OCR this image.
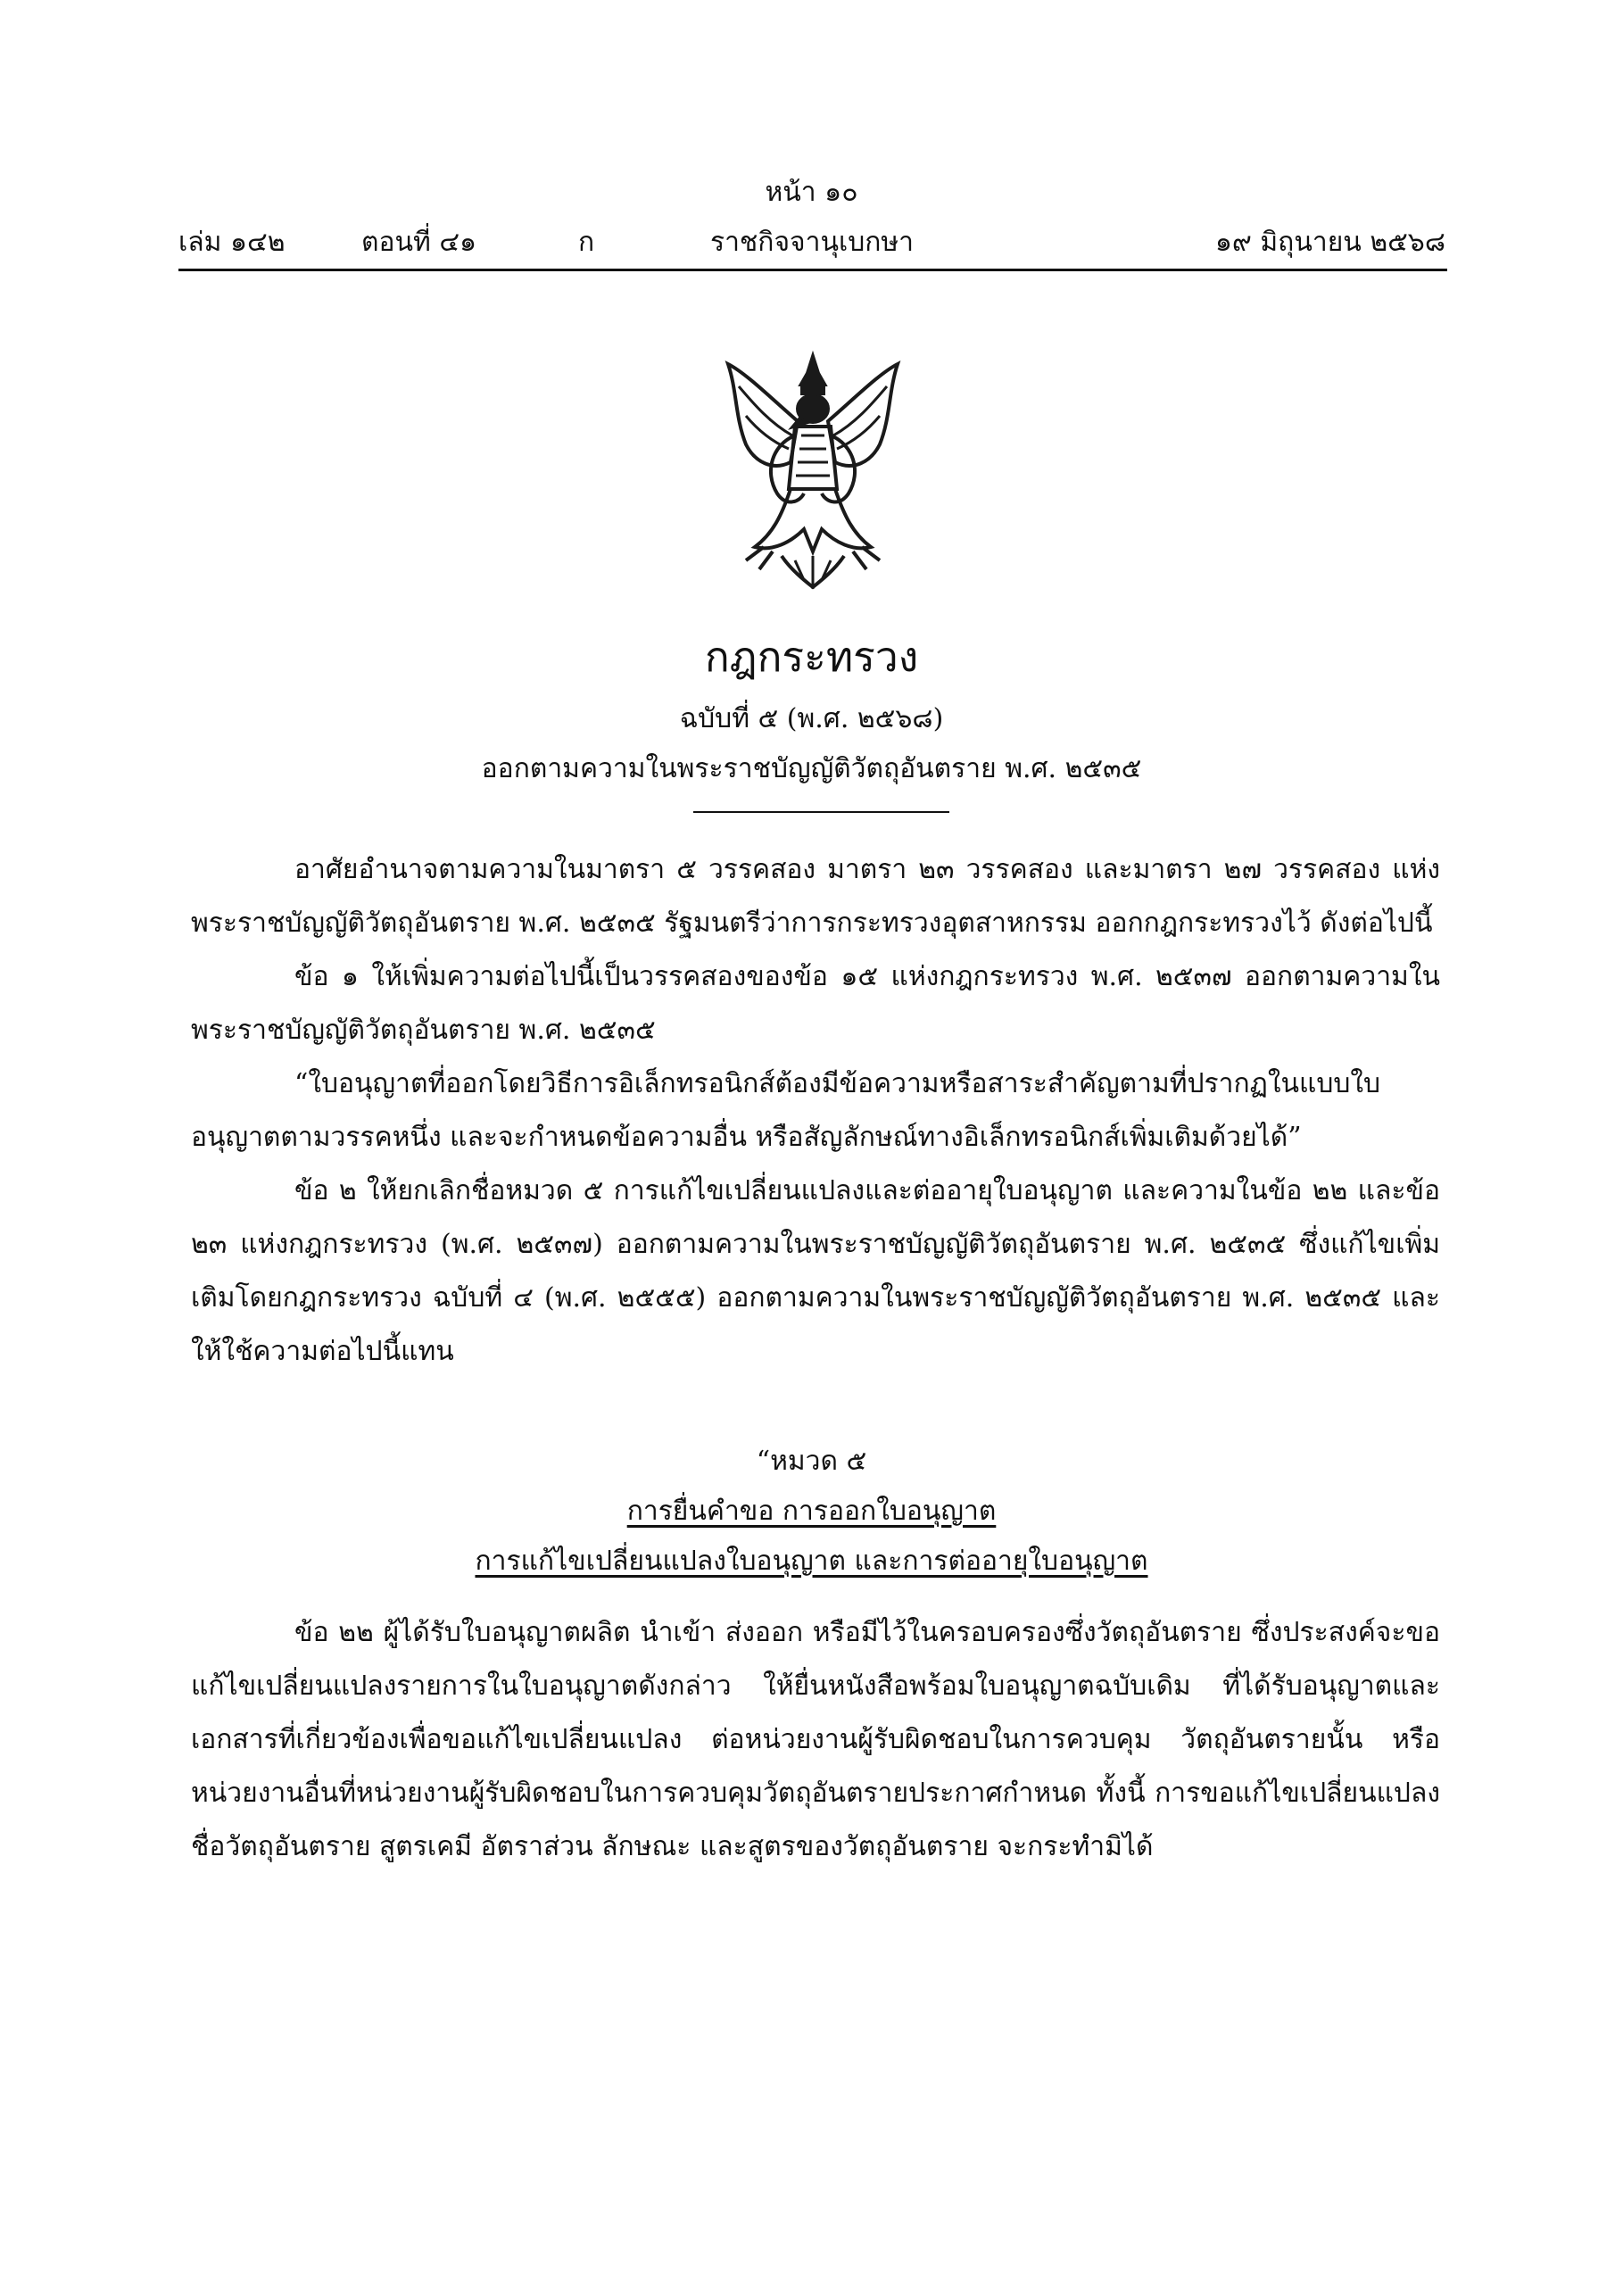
หน้า ๑๐
เล่ม ๑๔๒	ตอนที่ ๔๑	ก	ราชกิจจานุเบกษา	๑๙ มิถุนายน ๒๕๖๘
กฎกระทรวง
ฉบับที่ ๕ (พ.ศ. ๒๕๖๘)
ออกตามความในพระราชบัญญัติวัตถุอันตราย พ.ศ. ๒๕๓๕

อาศัยอำนาจตามความในมาตรา ๕ วรรคสอง มาตรา ๒๓ วรรคสอง และมาตรา ๒๗ วรรคสอง แห่งพระราชบัญญัติวัตถุอันตราย พ.ศ. ๒๕๓๕ รัฐมนตรีว่าการกระทรวงอุตสาหกรรม ออกกฎกระทรวงไว้ ดังต่อไปนี้

ข้อ ๑ ให้เพิ่มความต่อไปนี้เป็นวรรคสองของข้อ ๑๕ แห่งกฎกระทรวง พ.ศ. ๒๕๓๗ ออกตามความในพระราชบัญญัติวัตถุอันตราย พ.ศ. ๒๕๓๕

“ใบอนุญาตที่ออกโดยวิธีการอิเล็กทรอนิกส์ต้องมีข้อความหรือสาระสำคัญตามที่ปรากฏในแบบใบอนุญาตตามวรรคหนึ่ง และจะกำหนดข้อความอื่น หรือสัญลักษณ์ทางอิเล็กทรอนิกส์เพิ่มเติมด้วยได้”

ข้อ ๒ ให้ยกเลิกชื่อหมวด ๕ การแก้ไขเปลี่ยนแปลงและต่ออายุใบอนุญาต และความในข้อ ๒๒ และข้อ ๒๓ แห่งกฎกระทรวง (พ.ศ. ๒๕๓๗) ออกตามความในพระราชบัญญัติวัตถุอันตราย พ.ศ. ๒๕๓๕ ซึ่งแก้ไขเพิ่มเติมโดยกฎกระทรวง ฉบับที่ ๔ (พ.ศ. ๒๕๕๕) ออกตามความในพระราชบัญญัติวัตถุอันตราย พ.ศ. ๒๕๓๕ และให้ใช้ความต่อไปนี้แทน

“หมวด ๕
การยื่นคำขอ การออกใบอนุญาต
การแก้ไขเปลี่ยนแปลงใบอนุญาต และการต่ออายุใบอนุญาต

ข้อ ๒๒ ผู้ได้รับใบอนุญาตผลิต นำเข้า ส่งออก หรือมีไว้ในครอบครองซึ่งวัตถุอันตราย ซึ่งประสงค์จะขอแก้ไขเปลี่ยนแปลงรายการในใบอนุญาตดังกล่าว ให้ยื่นหนังสือพร้อมใบอนุญาตฉบับเดิม ที่ได้รับอนุญาตและเอกสารที่เกี่ยวข้องเพื่อขอแก้ไขเปลี่ยนแปลง ต่อหน่วยงานผู้รับผิดชอบในการควบคุม วัตถุอันตรายนั้น หรือหน่วยงานอื่นที่หน่วยงานผู้รับผิดชอบในการควบคุมวัตถุอันตรายประกาศกำหนด ทั้งนี้ การขอแก้ไขเปลี่ยนแปลงชื่อวัตถุอันตราย สูตรเคมี อัตราส่วน ลักษณะ และสูตรของวัตถุอันตราย จะกระทำมิได้
